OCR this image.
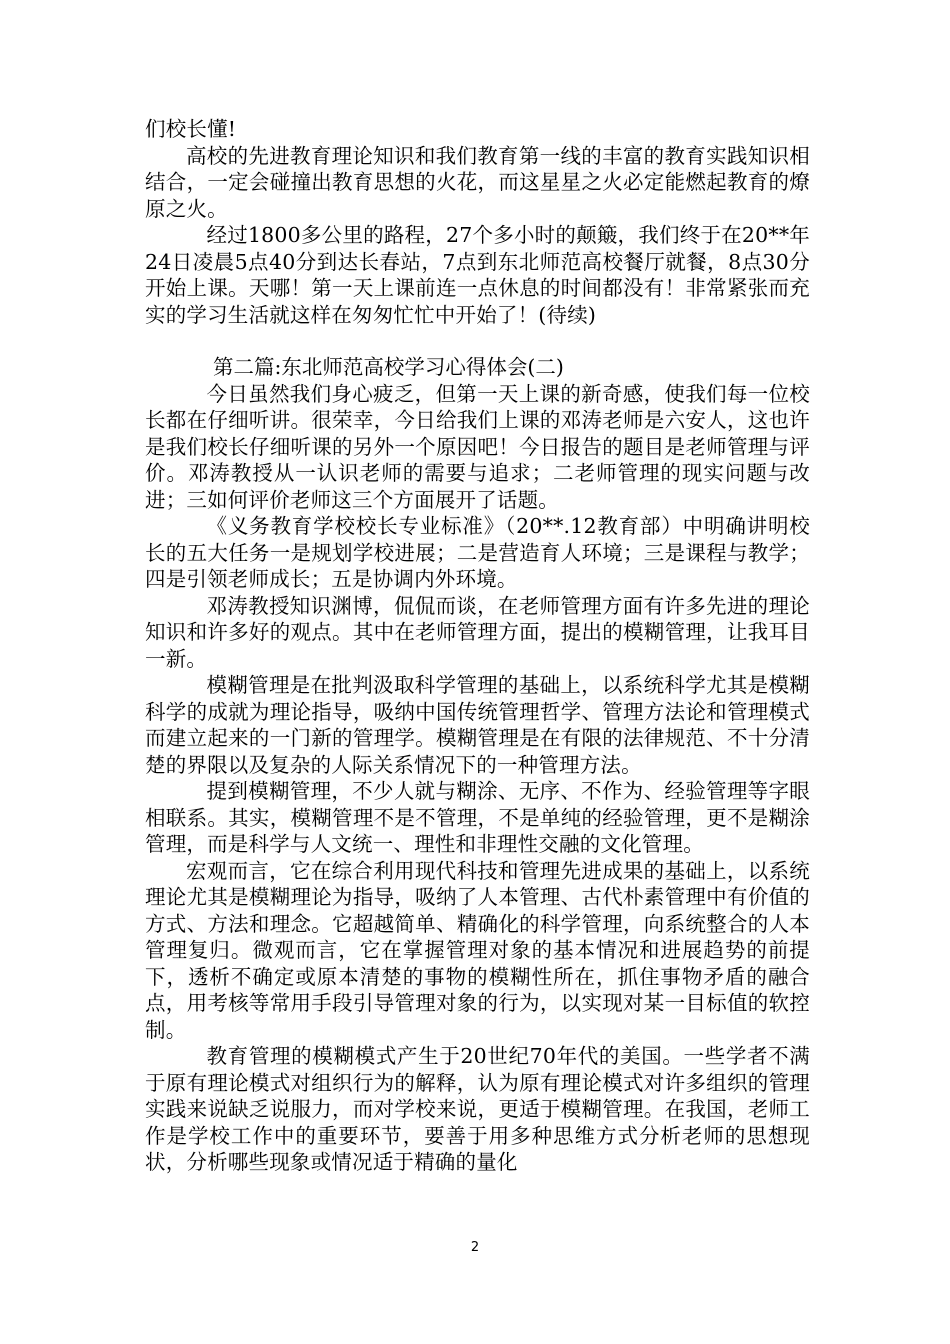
们校长懂!

高校的先进教育理论知识和我们教育第一线的丰富的教育实践知识相结合，一定会碰撞出教育思想的火花，而这星星之火必定能燃起教育的燎原之火。

经过1800多公里的路程，27个多小时的颠簸，我们终于在20**年24日凌晨5点40分到达长春站，7点到东北师范高校餐厅就餐，8点30分开始上课。天哪！第一天上课前连一点休息的时间都没有！非常紧张而充实的学习生活就这样在匆匆忙忙中开始了！(待续)

第二篇:东北师范高校学习心得体会(二)

今日虽然我们身心疲乏，但第一天上课的新奇感，使我们每一位校长都在仔细听讲。很荣幸，今日给我们上课的邓涛老师是六安人，这也许是我们校长仔细听课的另外一个原因吧！今日报告的题目是老师管理与评价。邓涛教授从一认识老师的需要与追求；二老师管理的现实问题与改进；三如何评价老师这三个方面展开了话题。

《义务教育学校校长专业标准》（20**.12教育部）中明确讲明校长的五大任务一是规划学校进展；二是营造育人环境；三是课程与教学；四是引领老师成长；五是协调内外环境。

邓涛教授知识渊博，侃侃而谈，在老师管理方面有许多先进的理论知识和许多好的观点。其中在老师管理方面，提出的模糊管理，让我耳目一新。

模糊管理是在批判汲取科学管理的基础上，以系统科学尤其是模糊科学的成就为理论指导，吸纳中国传统管理哲学、管理方法论和管理模式而建立起来的一门新的管理学。模糊管理是在有限的法律规范、不十分清楚的界限以及复杂的人际关系情况下的一种管理方法。

提到模糊管理，不少人就与糊涂、无序、不作为、经验管理等字眼相联系。其实，模糊管理不是不管理，不是单纯的经验管理，更不是糊涂管理，而是科学与人文统一、理性和非理性交融的文化管理。

宏观而言，它在综合利用现代科技和管理先进成果的基础上，以系统理论尤其是模糊理论为指导，吸纳了人本管理、古代朴素管理中有价值的方式、方法和理念。它超越简单、精确化的科学管理，向系统整合的人本管理复归。微观而言，它在掌握管理对象的基本情况和进展趋势的前提下，透析不确定或原本清楚的事物的模糊性所在，抓住事物矛盾的融合点，用考核等常用手段引导管理对象的行为，以实现对某一目标值的软控制。

教育管理的模糊模式产生于20世纪70年代的美国。一些学者不满于原有理论模式对组织行为的解释，认为原有理论模式对许多组织的管理实践来说缺乏说服力，而对学校来说，更适于模糊管理。在我国，老师工作是学校工作中的重要环节，要善于用多种思维方式分析老师的思想现状，分析哪些现象或情况适于精确的量化

2
